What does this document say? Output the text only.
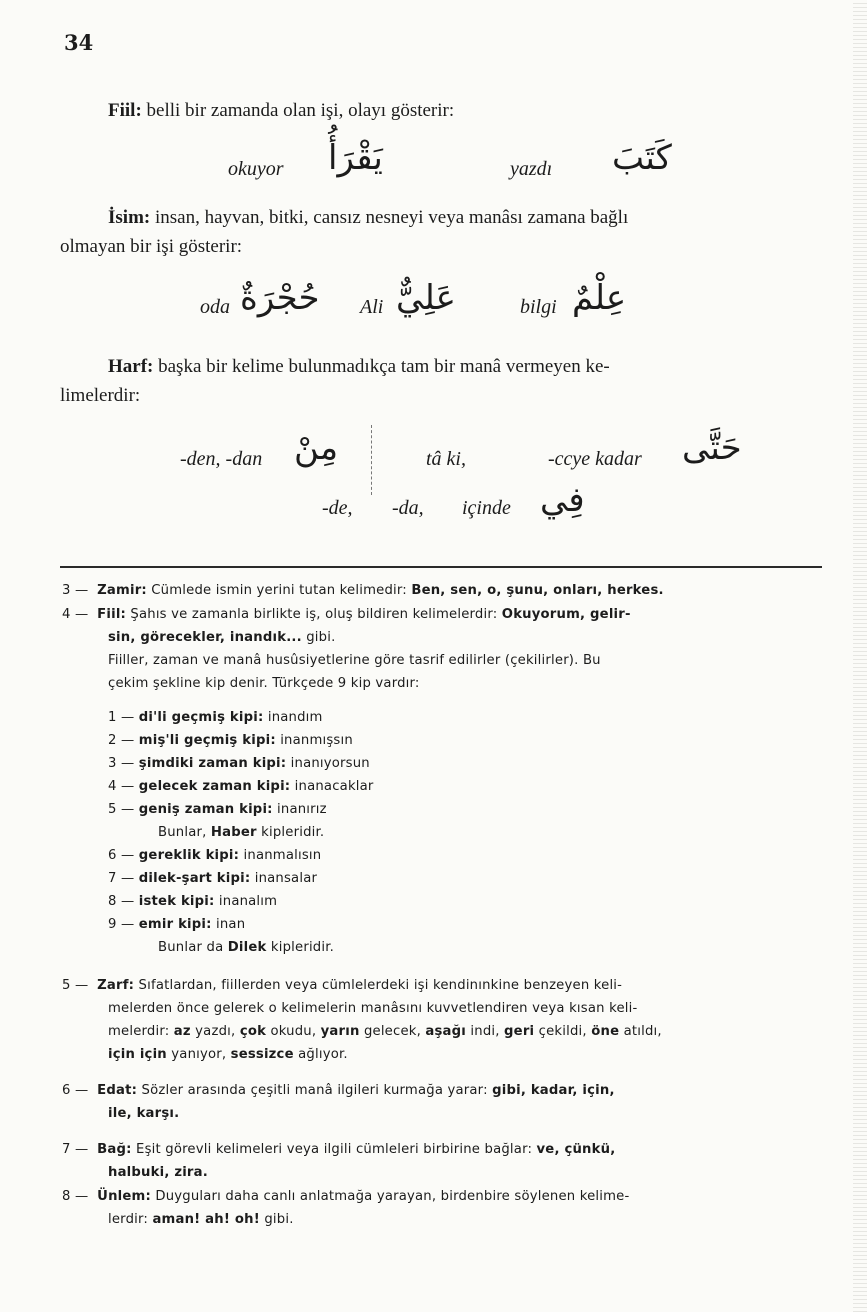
34
Fiil: belli bir zamanda olan işi, olayı gösterir:
okuyor يَقْرَأُ	yazdı كَتَبَ
İsim: insan, hayvan, bitki, cansız nesneyi veya manâsı zamana bağlı
olmayan bir işi gösterir:
oda حُجْرَةٌ Ali عَلِيٌّ	bilgi عِلْمٌ
Harf: başka bir kelime bulunmadıkça tam bir manâ vermeyen ke-
limelerdir:
-den, -dan مِنْ	tâ ki,	-ccye kadar حَتَّى
-de, -da, içinde فِي
3 — Zamir: Cümlede ismin yerini tutan kelimedir: Ben, sen, o, şunu, onları, herkes.
4 — Fiil: Şahıs ve zamanla birlikte iş, oluş bildiren kelimelerdir: Okuyorum, gelir-
sin, görecekler, inandık... gibi.
Fiiller, zaman ve manâ husûsiyetlerine göre tasrif edilirler (çekilirler). Bu
çekim şekline kip denir. Türkçede 9 kip vardır:
1 — di'li geçmiş kipi: inandım
2 — miş'li geçmiş kipi: inanmışsın
3 — şimdiki zaman kipi: inanıyorsun
4 — gelecek zaman kipi: inanacaklar
5 — geniş zaman kipi: inanırız
Bunlar, Haber kipleridir.
6 — gereklik kipi: inanmalısın
7 — dilek-şart kipi: inansalar
8 — istek kipi: inanalım
9 — emir kipi: inan
Bunlar da Dilek kipleridir.
5 — Zarf: Sıfatlardan, fiillerden veya cümlelerdeki işi kendinınkine benzeyen keli-
melerden önce gelerek o kelimelerin manâsını kuvvetlendiren veya kısan keli-
melerdir: az yazdı, çok okudu, yarın gelecek, aşağı indi, geri çekildi, öne atıldı,
için için yanıyor, sessizce ağlıyor.
6 — Edat: Sözler arasında çeşitli manâ ilgileri kurmağa yarar: gibi, kadar, için,
ile, karşı.
7 — Bağ: Eşit görevli kelimeleri veya ilgili cümleleri birbirine bağlar: ve, çünkü,
halbuki, zira.
8 — Ünlem: Duyguları daha canlı anlatmağa yarayan, birdenbire söylenen kelime-
lerdir: aman! ah! oh! gibi.
